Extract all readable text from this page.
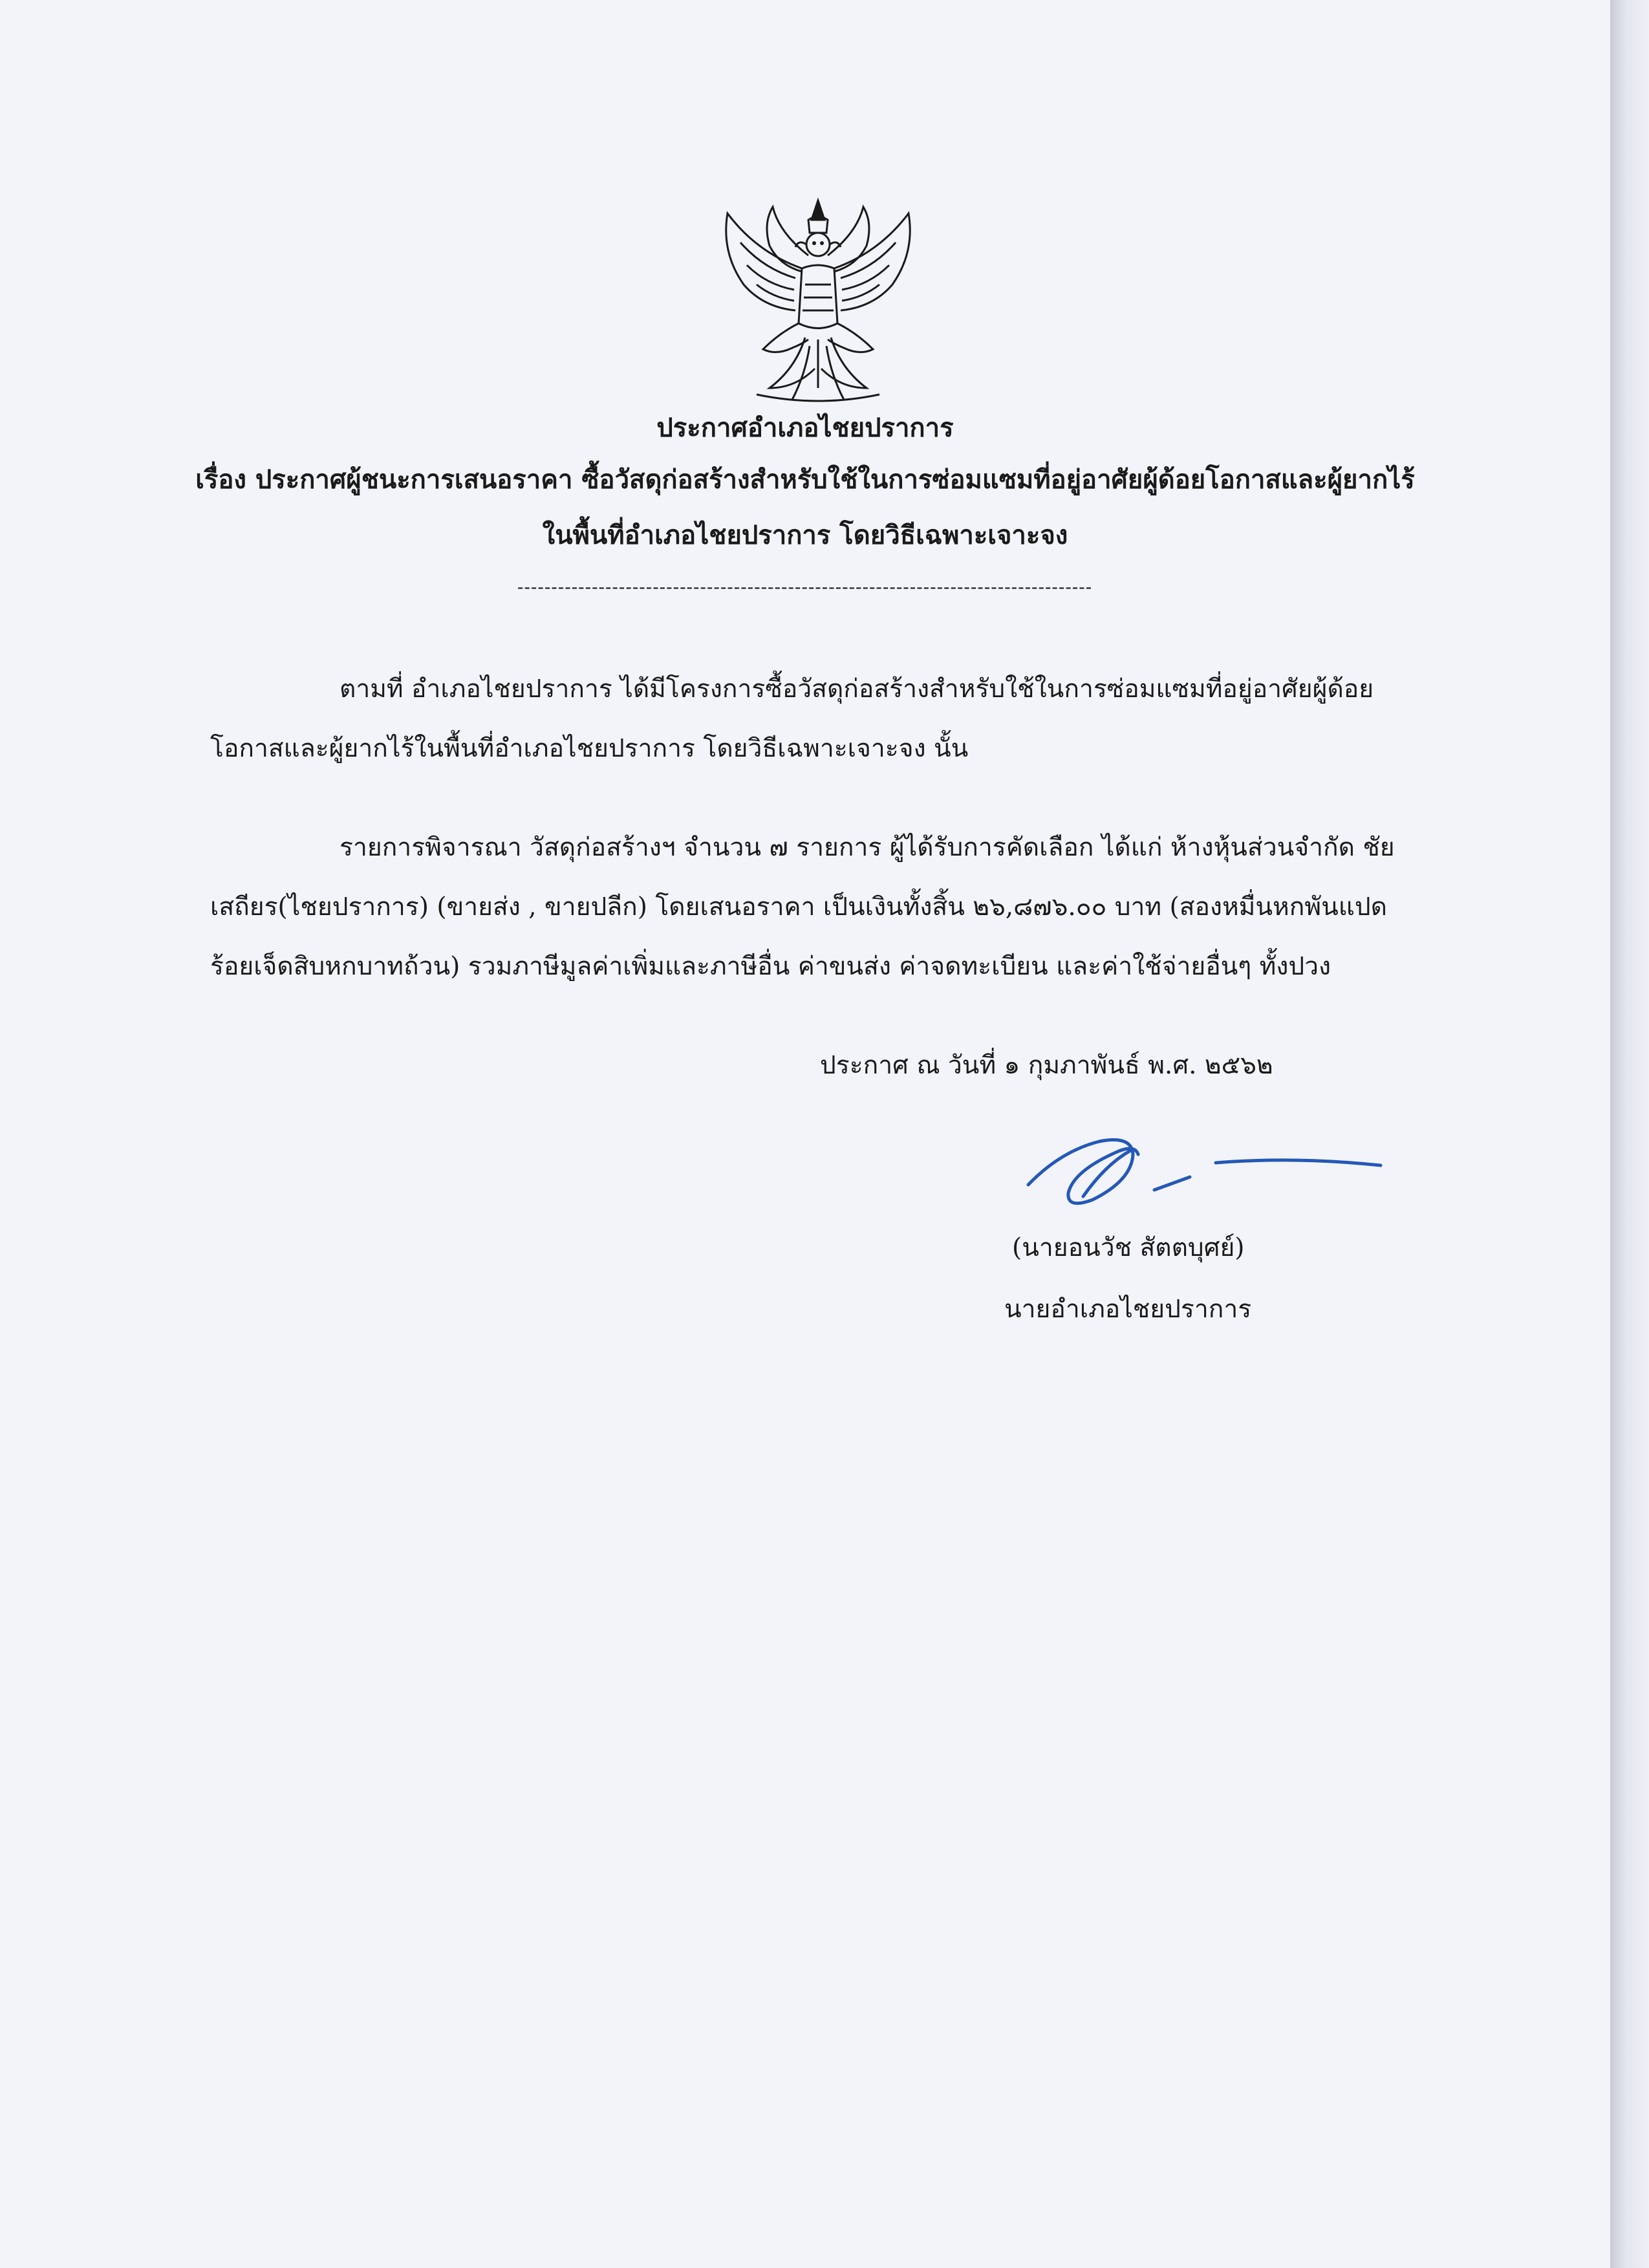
ประกาศอำเภอไชยปราการ
เรื่อง ประกาศผู้ชนะการเสนอราคา ซื้อวัสดุก่อสร้างสำหรับใช้ในการซ่อมแซมที่อยู่อาศัยผู้ด้อยโอกาสและผู้ยากไร้
ในพื้นที่อำเภอไชยปราการ โดยวิธีเฉพาะเจาะจง
-------------------------------------------------------------------------------------

ตามที่ อำเภอไชยปราการ ได้มีโครงการซื้อวัสดุก่อสร้างสำหรับใช้ในการซ่อมแซมที่อยู่อาศัยผู้ด้อยโอกาสและผู้ยากไร้ในพื้นที่อำเภอไชยปราการ โดยวิธีเฉพาะเจาะจง นั้น

รายการพิจารณา วัสดุก่อสร้างฯ จำนวน ๗ รายการ ผู้ได้รับการคัดเลือก ได้แก่ ห้างหุ้นส่วนจำกัด ชัยเสถียร(ไชยปราการ) (ขายส่ง , ขายปลีก) โดยเสนอราคา เป็นเงินทั้งสิ้น ๒๖,๘๗๖.๐๐ บาท (สองหมื่นหกพันแปดร้อยเจ็ดสิบหกบาทถ้วน) รวมภาษีมูลค่าเพิ่มและภาษีอื่น ค่าขนส่ง ค่าจดทะเบียน และค่าใช้จ่ายอื่นๆ ทั้งปวง

ประกาศ ณ วันที่ ๑ กุมภาพันธ์ พ.ศ. ๒๕๖๒
(นายอนวัช สัตตบุศย์)
นายอำเภอไชยปราการ
